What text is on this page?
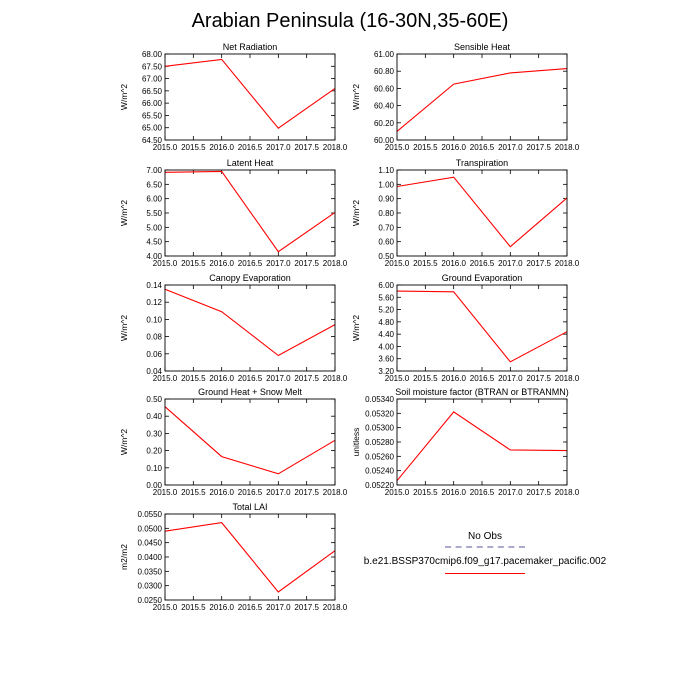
Arabian Peninsula (16-30N,35-60E)
Net Radiation
2015.0 2015.5 2016.0 2016.5 2017.0 2017.5 2018.0
64.50
65.00
65.50
66.00
66.50
67.00
67.50
68.00
W/m^2
Sensible Heat
2015.0 2015.5 2016.0 2016.5 2017.0 2017.5 2018.0
60.00
60.20
60.40
60.60
60.80
61.00
W/m^2
Latent Heat
2015.0 2015.5 2016.0 2016.5 2017.0 2017.5 2018.0
4.00
4.50
5.00
5.50
6.00
6.50
7.00
W/m^2
Transpiration
2015.0 2015.5 2016.0 2016.5 2017.0 2017.5 2018.0
0.50
0.60
0.70
0.80
0.90
1.00
1.10
W/m^2
Canopy Evaporation
2015.0 2015.5 2016.0 2016.5 2017.0 2017.5 2018.0
0.04
0.06
0.08
0.10
0.12
0.14
W/m^2
Ground Evaporation
2015.0 2015.5 2016.0 2016.5 2017.0 2017.5 2018.0
3.20
3.60
4.00
4.40
4.80
5.20
5.60
6.00
W/m^2
Ground Heat + Snow Melt
2015.0 2015.5 2016.0 2016.5 2017.0 2017.5 2018.0
0.00
0.10
0.20
0.30
0.40
0.50
W/m^2
Soil moisture factor (BTRAN or BTRANMN)
2015.0 2015.5 2016.0 2016.5 2017.0 2017.5 2018.0
0.05220
0.05240
0.05260
0.05280
0.05300
0.05320
0.05340
unitless
Total LAI
2015.0 2015.5 2016.0 2016.5 2017.0 2017.5 2018.0
0.0250
0.0300
0.0350
0.0400
0.0450
0.0500
0.0550
m2/m2
No Obs
b.e21.BSSP370cmip6.f09_g17.pacemaker_pacific.002
